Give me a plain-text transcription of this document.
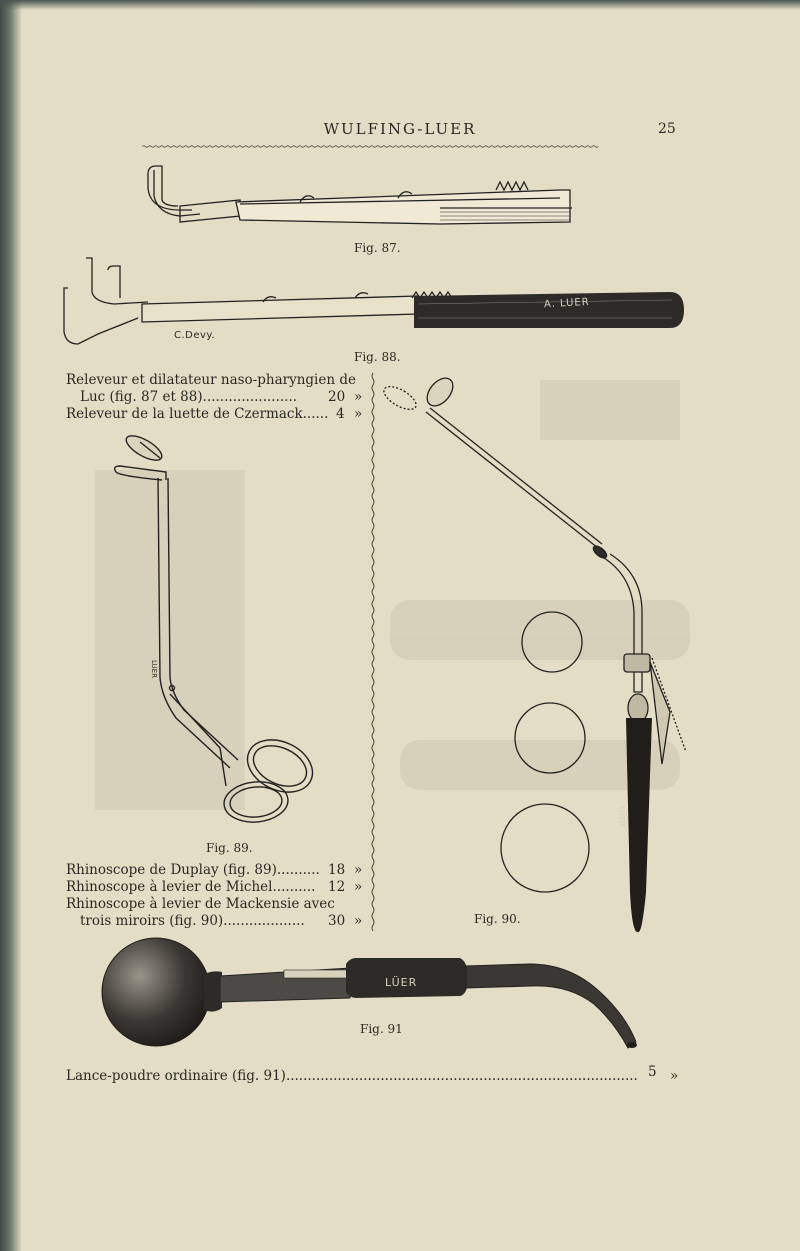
WULFING-LUER	25
Fig. 87.
A. LUER
C.Devy.
Fig. 88.
Releveur et dilatateur naso-pharyngien de
Luc (fig. 87 et 88)...................... 20 »
Releveur de la luette de Czermack...... 4 »
LUER
Fig. 89.
LUER
Fig. 90.
Rhinoscope de Duplay (fig. 89).......... 18 »
Rhinoscope à levier de Michel.......... 12 »
Rhinoscope à levier de Mackensie avec
trois miroirs (fig. 90)................... 30 »
LÜER
Fig. 91
Lance-poudre ordinaire (fig. 91).................................................................................. 5 »
